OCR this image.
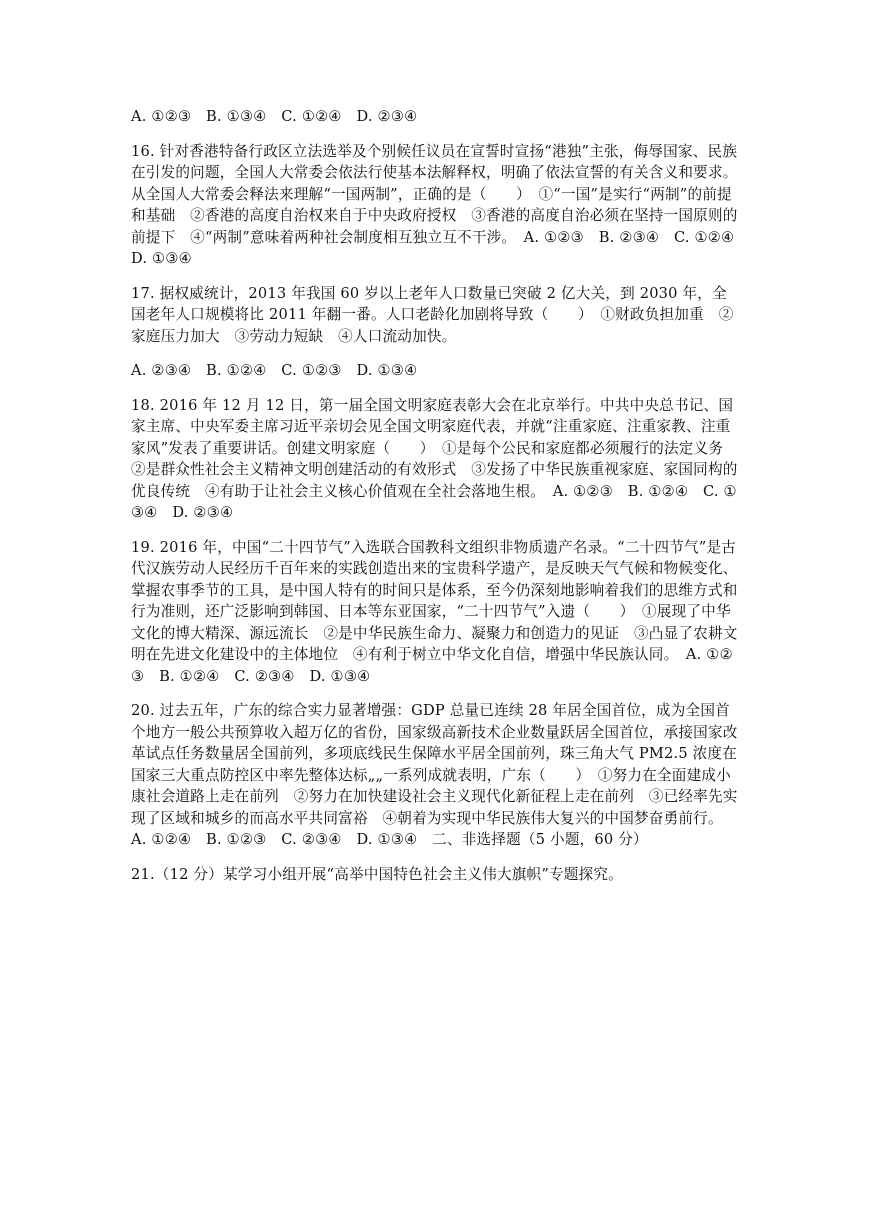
A. ①②③　B. ①③④　C. ①②④　D. ②③④

16. 针对香港特备行政区立法选举及个别候任议员在宣誓时宣扬“港独”主张，侮辱国家、民族在引发的问题，全国人大常委会依法行使基本法解释权，明确了依法宣誓的有关含义和要求。从全国人大常委会释法来理解“一国两制”，正确的是（　　）　①“一国”是实行“两制”的前提和基础　②香港的高度自治权来自于中央政府授权　③香港的高度自治必须在坚持一国原则的前提下　④“两制”意味着两种社会制度相互独立互不干涉。　A. ①②③　B. ②③④　C. ①②④　D. ①③④

17. 据权威统计，2013 年我国 60 岁以上老年人口数量已突破 2 亿大关，到 2030 年，全国老年人口规模将比 2011 年翻一番。人口老龄化加剧将导致（　　）　①财政负担加重　②家庭压力加大　③劳动力短缺　④人口流动加快。

A. ②③④　B. ①②④　C. ①②③　D. ①③④

18. 2016 年 12 月 12 日，第一届全国文明家庭表彰大会在北京举行。中共中央总书记、国家主席、中央军委主席习近平亲切会见全国文明家庭代表，并就“注重家庭、注重家教、注重家风”发表了重要讲话。创建文明家庭（　　）　①是每个公民和家庭都必须履行的法定义务　②是群众性社会主义精神文明创建活动的有效形式　③发扬了中华民族重视家庭、家国同构的优良传统　④有助于让社会主义核心价值观在全社会落地生根。　A. ①②③　B. ①②④　C. ①③④　D. ②③④

19. 2016 年，中国“二十四节气”入选联合国教科文组织非物质遗产名录。“二十四节气”是古代汉族劳动人民经历千百年来的实践创造出来的宝贵科学遗产，是反映天气气候和物候变化、掌握农事季节的工具，是中国人特有的时间只是体系，至今仍深刻地影响着我们的思维方式和行为准则，还广泛影响到韩国、日本等东亚国家，“二十四节气”入遗（　　）　①展现了中华文化的博大精深、源远流长　②是中华民族生命力、凝聚力和创造力的见证　③凸显了农耕文明在先进文化建设中的主体地位　④有利于树立中华文化自信，增强中华民族认同。　A. ①②③　B. ①②④　C. ②③④　D. ①③④

20. 过去五年，广东的综合实力显著增强：GDP 总量已连续 28 年居全国首位，成为全国首个地方一般公共预算收入超万亿的省份，国家级高新技术企业数量跃居全国首位，承接国家改革试点任务数量居全国前列，多项底线民生保障水平居全国前列，珠三角大气 PM2.5 浓度在国家三大重点防控区中率先整体达标„„一系列成就表明，广东（　　）　①努力在全面建成小康社会道路上走在前列　②努力在加快建设社会主义现代化新征程上走在前列　③已经率先实现了区域和城乡的而高水平共同富裕　④朝着为实现中华民族伟大复兴的中国梦奋勇前行。　A. ①②④　B. ①②③　C. ②③④　D. ①③④　二、非选择题（5 小题，60 分）

21.（12 分）某学习小组开展“高举中国特色社会主义伟大旗帜”专题探究。
